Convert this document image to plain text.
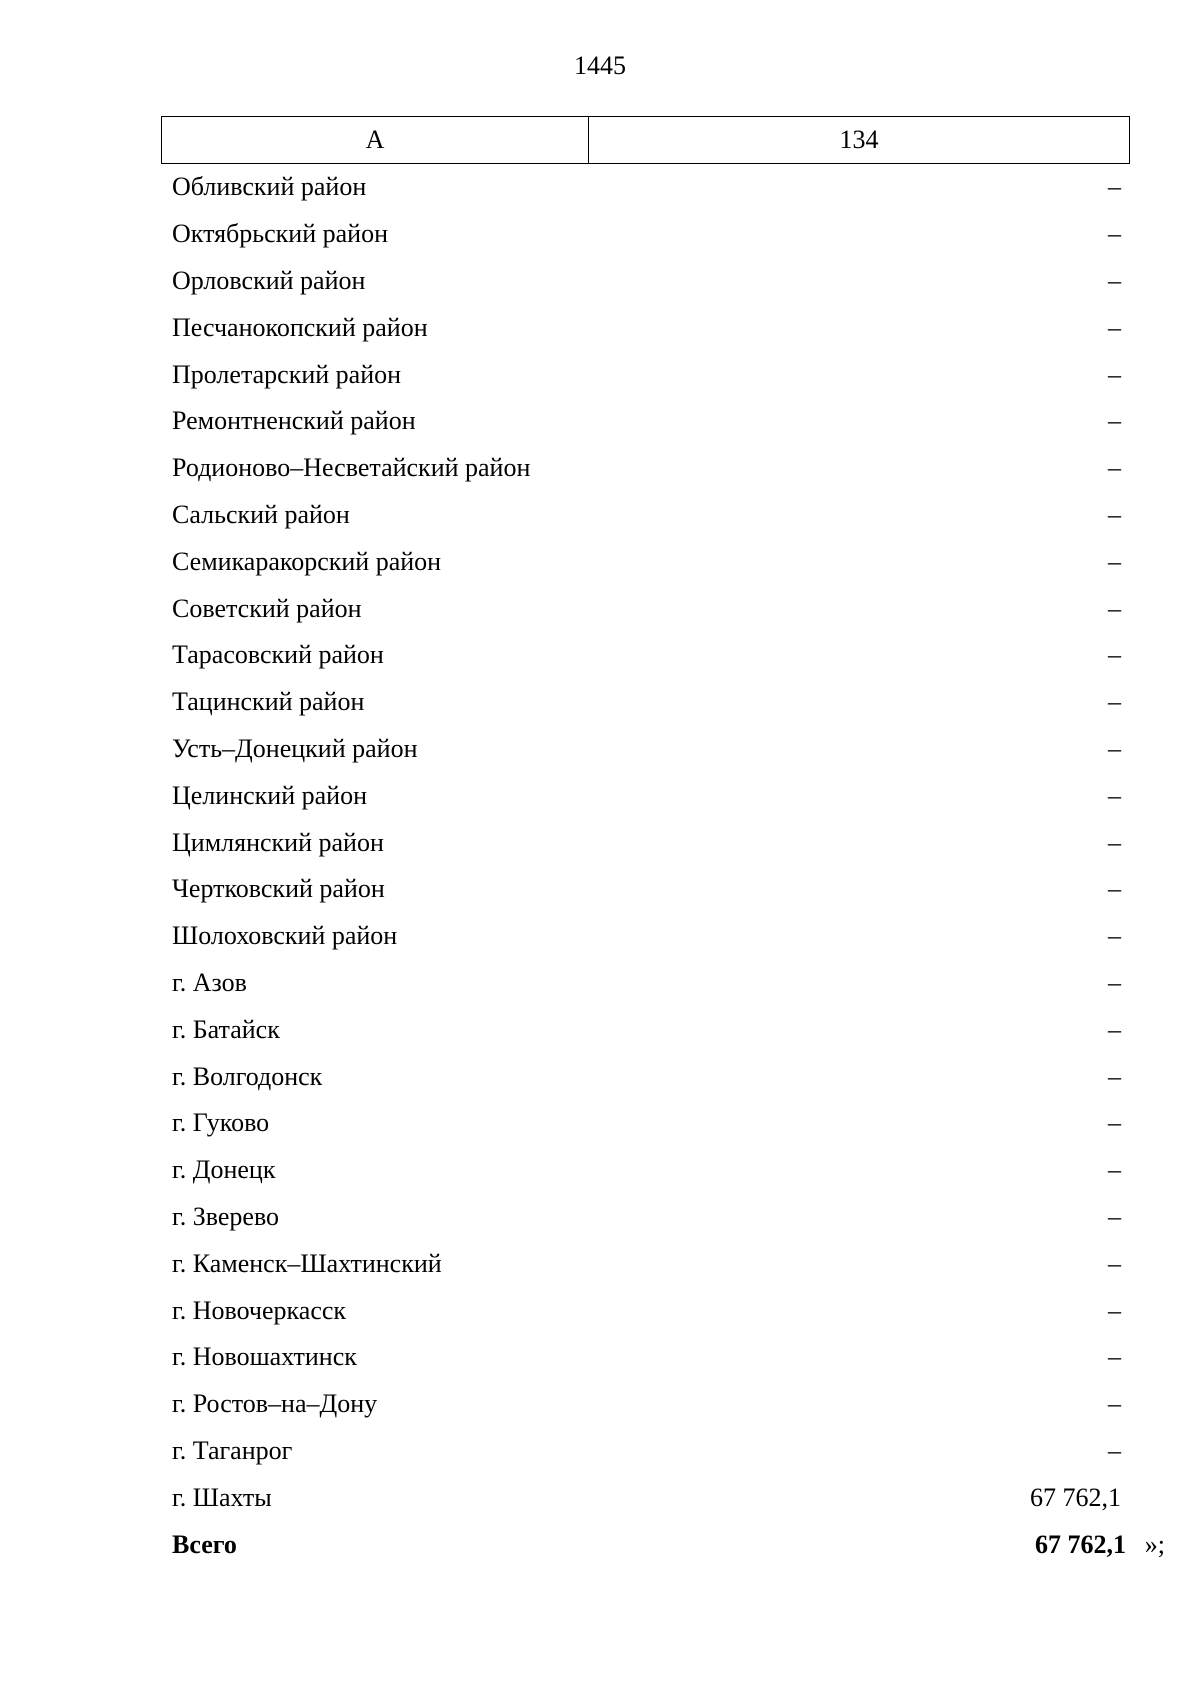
1445
А	134
Обливский район	–
Октябрьский район	–
Орловский район	–
Песчанокопский район	–
Пролетарский район	–
Ремонтненский район	–
Родионово–Несветайский район	–
Сальский район	–
Семикаракорский район	–
Советский район	–
Тарасовский район	–
Тацинский район	–
Усть–Донецкий район	–
Целинский район	–
Цимлянский район	–
Чертковский район	–
Шолоховский район	–
г. Азов	–
г. Батайск	–
г. Волгодонск	–
г. Гуково	–
г. Донецк	–
г. Зверево	–
г. Каменск–Шахтинский	–
г. Новочеркасск	–
г. Новошахтинск	–
г. Ростов–на–Дону	–
г. Таганрог	–
г. Шахты	67 762,1
Всего	67 762,1 »;
